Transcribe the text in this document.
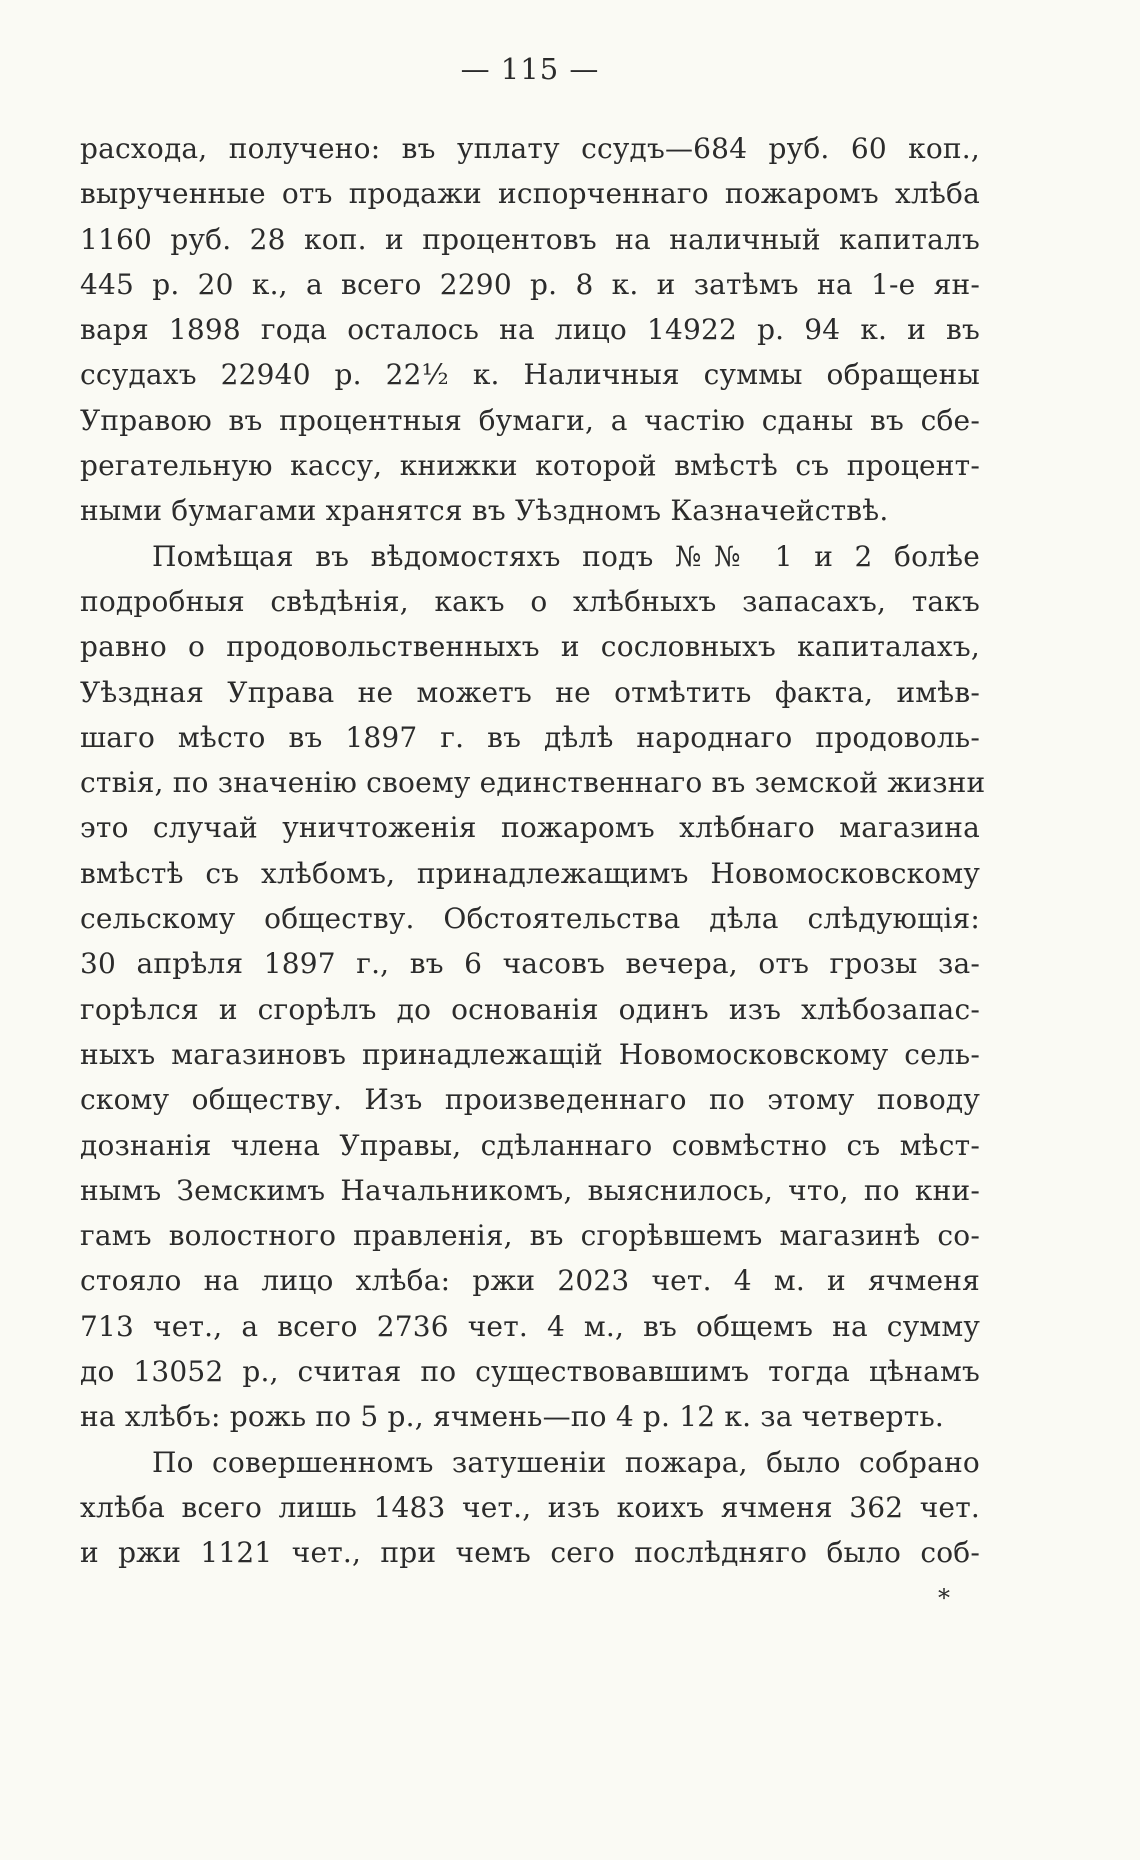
— 115 —
расхода, получено: въ уплату ссудъ—684 руб. 60 коп.,
вырученные отъ продажи испорченнаго пожаромъ хлѣба
1160 руб. 28 коп. и процентовъ на наличный капиталъ
445 р. 20 к., а всего 2290 р. 8 к. и затѣмъ на 1-е ян-
варя 1898 года осталось на лицо 14922 р. 94 к. и въ
ссудахъ 22940 р. 22½ к. Наличныя суммы обращены
Управою въ процентныя бумаги, а частію сданы въ сбе-
регательную кассу, книжки которой вмѣстѣ съ процент-
ными бумагами хранятся въ Уѣздномъ Казначействѣ.
Помѣщая въ вѣдомостяхъ подъ №№ 1 и 2 болѣе
подробныя свѣдѣнія, какъ о хлѣбныхъ запасахъ, такъ
равно о продовольственныхъ и сословныхъ капиталахъ,
Уѣздная Управа не можетъ не отмѣтить факта, имѣв-
шаго мѣсто въ 1897 г. въ дѣлѣ народнаго продоволь-
ствія, по значенію своему единственнаго въ земской жизни
это случай уничтоженія пожаромъ хлѣбнаго магазина
вмѣстѣ съ хлѣбомъ, принадлежащимъ Новомосковскому
сельскому обществу. Обстоятельства дѣла слѣдующія:
30 апрѣля 1897 г., въ 6 часовъ вечера, отъ грозы за-
горѣлся и сгорѣлъ до основанія одинъ изъ хлѣбозапас-
ныхъ магазиновъ принадлежащій Новомосковскому сель-
скому обществу. Изъ произведеннаго по этому поводу
дознанія члена Управы, сдѣланнаго совмѣстно съ мѣст-
нымъ Земскимъ Начальникомъ, выяснилось, что, по кни-
гамъ волостного правленія, въ сгорѣвшемъ магазинѣ со-
стояло на лицо хлѣба: ржи 2023 чет. 4 м. и ячменя
713 чет., а всего 2736 чет. 4 м., въ общемъ на сумму
до 13052 р., считая по существовавшимъ тогда цѣнамъ
на хлѣбъ: рожь по 5 р., ячмень—по 4 р. 12 к. за четверть.
По совершенномъ затушеніи пожара, было собрано
хлѣба всего лишь 1483 чет., изъ коихъ ячменя 362 чет.
и ржи 1121 чет., при чемъ сего послѣдняго было соб-
*
